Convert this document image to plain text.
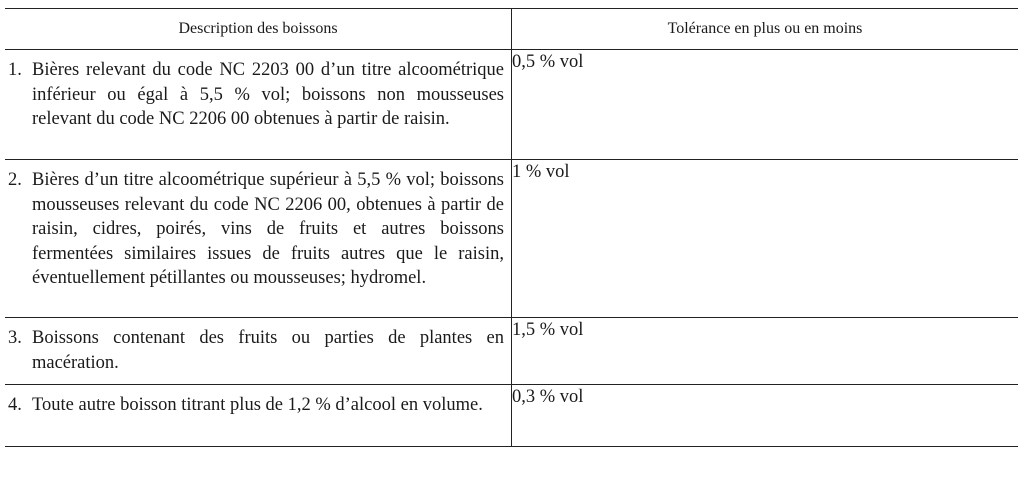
Description des boissons	Tolérance en plus ou en moins

1. Bières relevant du code NC 2203 00 d’un titre alcoométrique inférieur ou égal à 5,5 % vol; boissons non mousseuses relevant du code NC 2206 00 obtenues à partir de raisin.	0,5 % vol

2. Bières d’un titre alcoométrique supérieur à 5,5 % vol; boissons mousseuses relevant du code NC 2206 00, obtenues à partir de raisin, cidres, poirés, vins de fruits et autres boissons fermentées similaires issues de fruits autres que le raisin, éventuellement pétillantes ou mousseuses; hydromel.	1 % vol

3. Boissons contenant des fruits ou parties de plantes en macération.	1,5 % vol

4. Toute autre boisson titrant plus de 1,2 % d’alcool en volume.	0,3 % vol
